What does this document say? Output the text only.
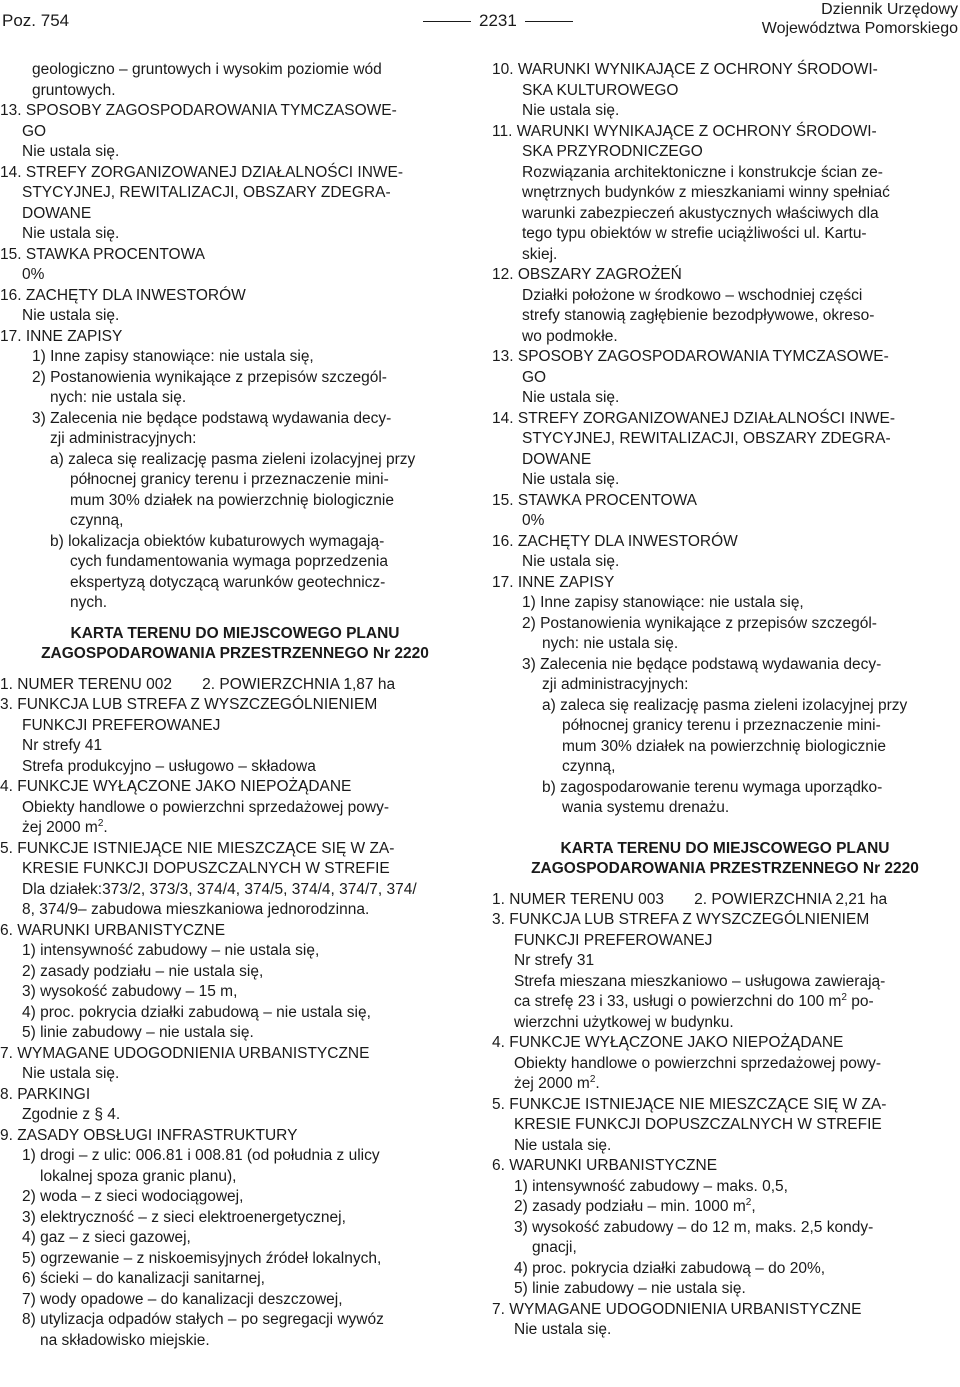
Poz. 754	2231
Dziennik Urzędowy
Województwa Pomorskiego
geologiczno – gruntowych i wysokim poziomie wód
gruntowych.
13. SPOSOBY ZAGOSPODAROWANIA TYMCZASOWE-
GO
Nie ustala się.
14. STREFY ZORGANIZOWANEJ DZIAŁALNOŚCI INWE-
STYCYJNEJ, REWITALIZACJI, OBSZARY ZDEGRA-
DOWANE
Nie ustala się.
15. STAWKA PROCENTOWA
0%
16. ZACHĘTY DLA INWESTORÓW
Nie ustala się.
17. INNE ZAPISY
1) Inne zapisy stanowiące: nie ustala się,
2) Postanowienia wynikające z przepisów szczegól-
nych: nie ustala się.
3) Zalecenia nie będące podstawą wydawania decy-
zji administracyjnych:
a) zaleca się realizację pasma zieleni izolacyjnej przy
północnej granicy terenu i przeznaczenie mini-
mum 30% działek na powierzchnię biologicznie
czynną,
b) lokalizacja obiektów kubaturowych wymagają-
cych fundamentowania wymaga poprzedzenia
ekspertyzą dotyczącą warunków geotechnicz-
nych.
KARTA TERENU DO MIEJSCOWEGO PLANU
ZAGOSPODAROWANIA PRZESTRZENNEGO Nr 2220
1. NUMER TERENU 002       2. POWIERZCHNIA 1,87 ha
3. FUNKCJA LUB STREFA Z WYSZCZEGÓLNIENIEM
FUNKCJI PREFEROWANEJ
Nr strefy 41
Strefa produkcyjno – usługowo – składowa
4. FUNKCJE WYŁĄCZONE JAKO NIEPOŻĄDANE
Obiekty handlowe o powierzchni sprzedażowej powy-
żej 2000 $m^2$.
5. FUNKCJE ISTNIEJĄCE NIE MIESZCZĄCE SIĘ W ZA-
KRESIE FUNKCJI DOPUSZCZALNYCH W STREFIE
Dla działek:373/2, 373/3, 374/4, 374/5, 374/4, 374/7, 374/
8, 374/9– zabudowa mieszkaniowa jednorodzinna.
6. WARUNKI URBANISTYCZNE
1) intensywność zabudowy – nie ustala się,
2) zasady podziału – nie ustala się,
3) wysokość zabudowy – 15 m,
4) proc. pokrycia działki zabudową – nie ustala się,
5) linie zabudowy – nie ustala się.
7. WYMAGANE UDOGODNIENIA URBANISTYCZNE
Nie ustala się.
8. PARKINGI
Zgodnie z § 4.
9. ZASADY OBSŁUGI INFRASTRUKTURY
1) drogi – z ulic: 006.81 i 008.81 (od południa z ulicy
lokalnej spoza granic planu),
2) woda – z sieci wodociągowej,
3) elektryczność – z sieci elektroenergetycznej,
4) gaz – z sieci gazowej,
5) ogrzewanie – z niskoemisyjnych źródeł lokalnych,
6) ścieki – do kanalizacji sanitarnej,
7) wody opadowe – do kanalizacji deszczowej,
8) utylizacja odpadów stałych – po segregacji wywóz
na składowisko miejskie.
10. WARUNKI WYNIKAJĄCE Z OCHRONY ŚRODOWI-
SKA KULTUROWEGO
Nie ustala się.
11. WARUNKI WYNIKAJĄCE Z OCHRONY ŚRODOWI-
SKA PRZYRODNICZEGO
Rozwiązania architektoniczne i konstrukcje ścian ze-
wnętrznych budynków z mieszkaniami winny spełniać
warunki zabezpieczeń akustycznych właściwych dla
tego typu obiektów w strefie uciążliwości ul. Kartu-
skiej.
12. OBSZARY ZAGROŻEŃ
Działki położone w środkowo – wschodniej części
strefy stanowią zagłębienie bezodpływowe, okreso-
wo podmokłe.
13. SPOSOBY ZAGOSPODAROWANIA TYMCZASOWE-
GO
Nie ustala się.
14. STREFY ZORGANIZOWANEJ DZIAŁALNOŚCI INWE-
STYCYJNEJ, REWITALIZACJI, OBSZARY ZDEGRA-
DOWANE
Nie ustala się.
15. STAWKA PROCENTOWA
0%
16. ZACHĘTY DLA INWESTORÓW
Nie ustala się.
17. INNE ZAPISY
1) Inne zapisy stanowiące: nie ustala się,
2) Postanowienia wynikające z przepisów szczegól-
nych: nie ustala się.
3) Zalecenia nie będące podstawą wydawania decy-
zji administracyjnych:
a) zaleca się realizację pasma zieleni izolacyjnej przy
północnej granicy terenu i przeznaczenie mini-
mum 30% działek na powierzchnię biologicznie
czynną,
b) zagospodarowanie terenu wymaga uporządko-
wania systemu drenażu.
KARTA TERENU DO MIEJSCOWEGO PLANU
ZAGOSPODAROWANIA PRZESTRZENNEGO Nr 2220
1. NUMER TERENU 003       2. POWIERZCHNIA 2,21 ha
3. FUNKCJA LUB STREFA Z WYSZCZEGÓLNIENIEM
FUNKCJI PREFEROWANEJ
Nr strefy 31
Strefa mieszana mieszkaniowo – usługowa zawierają-
ca strefę 23 i 33, usługi o powierzchni do 100 $m^2$ po-
wierzchni użytkowej w budynku.
4. FUNKCJE WYŁĄCZONE JAKO NIEPOŻĄDANE
Obiekty handlowe o powierzchni sprzedażowej powy-
żej 2000 $m^2$.
5. FUNKCJE ISTNIEJĄCE NIE MIESZCZĄCE SIĘ W ZA-
KRESIE FUNKCJI DOPUSZCZALNYCH W STREFIE
Nie ustala się.
6. WARUNKI URBANISTYCZNE
1) intensywność zabudowy – maks. 0,5,
2) zasady podziału – min. 1000 $m^2$,
3) wysokość zabudowy – do 12 m, maks. 2,5 kondy-
gnacji,
4) proc. pokrycia działki zabudową – do 20%,
5) linie zabudowy – nie ustala się.
7. WYMAGANE UDOGODNIENIA URBANISTYCZNE
Nie ustala się.
